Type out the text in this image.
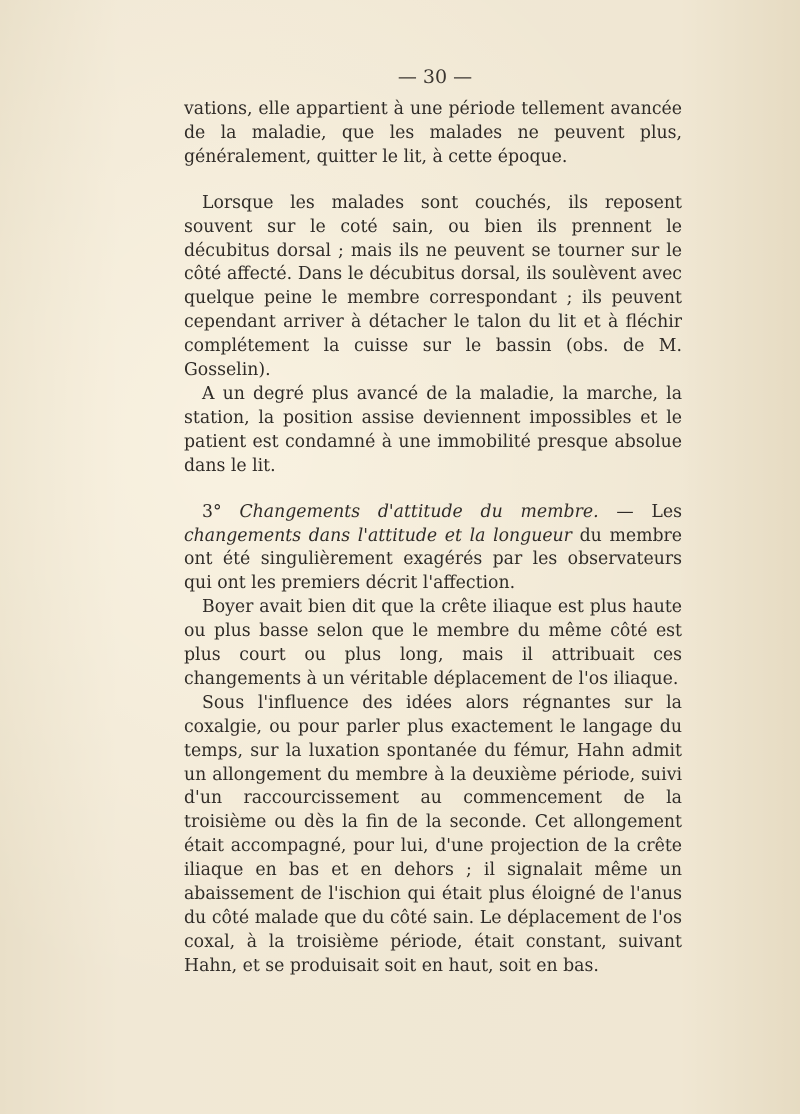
— 30 —

vations, elle appartient à une période tellement avancée de la maladie, que les malades ne peuvent plus, généralement, quitter le lit, à cette époque.

Lorsque les malades sont couchés, ils reposent souvent sur le coté sain, ou bien ils prennent le décubitus dorsal ; mais ils ne peuvent se tourner sur le côté affecté. Dans le décubitus dorsal, ils soulèvent avec quelque peine le membre correspondant ; ils peuvent cependant arriver à détacher le talon du lit et à fléchir complétement la cuisse sur le bassin (obs. de M. Gosselin).

A un degré plus avancé de la maladie, la marche, la station, la position assise deviennent impossibles et le patient est condamné à une immobilité presque absolue dans le lit.

3° Changements d'attitude du membre. — Les changements dans l'attitude et la longueur du membre ont été singulièrement exagérés par les observateurs qui ont les premiers décrit l'affection.

Boyer avait bien dit que la crête iliaque est plus haute ou plus basse selon que le membre du même côté est plus court ou plus long, mais il attribuait ces changements à un véritable déplacement de l'os iliaque.

Sous l'influence des idées alors régnantes sur la coxalgie, ou pour parler plus exactement le langage du temps, sur la luxation spontanée du fémur, Hahn admit un allongement du membre à la deuxième période, suivi d'un raccourcissement au commencement de la troisième ou dès la fin de la seconde. Cet allongement était accompagné, pour lui, d'une projection de la crête iliaque en bas et en dehors ; il signalait même un abaissement de l'ischion qui était plus éloigné de l'anus du côté malade que du côté sain. Le déplacement de l'os coxal, à la troisième période, était constant, suivant Hahn, et se produisait soit en haut, soit en bas.
